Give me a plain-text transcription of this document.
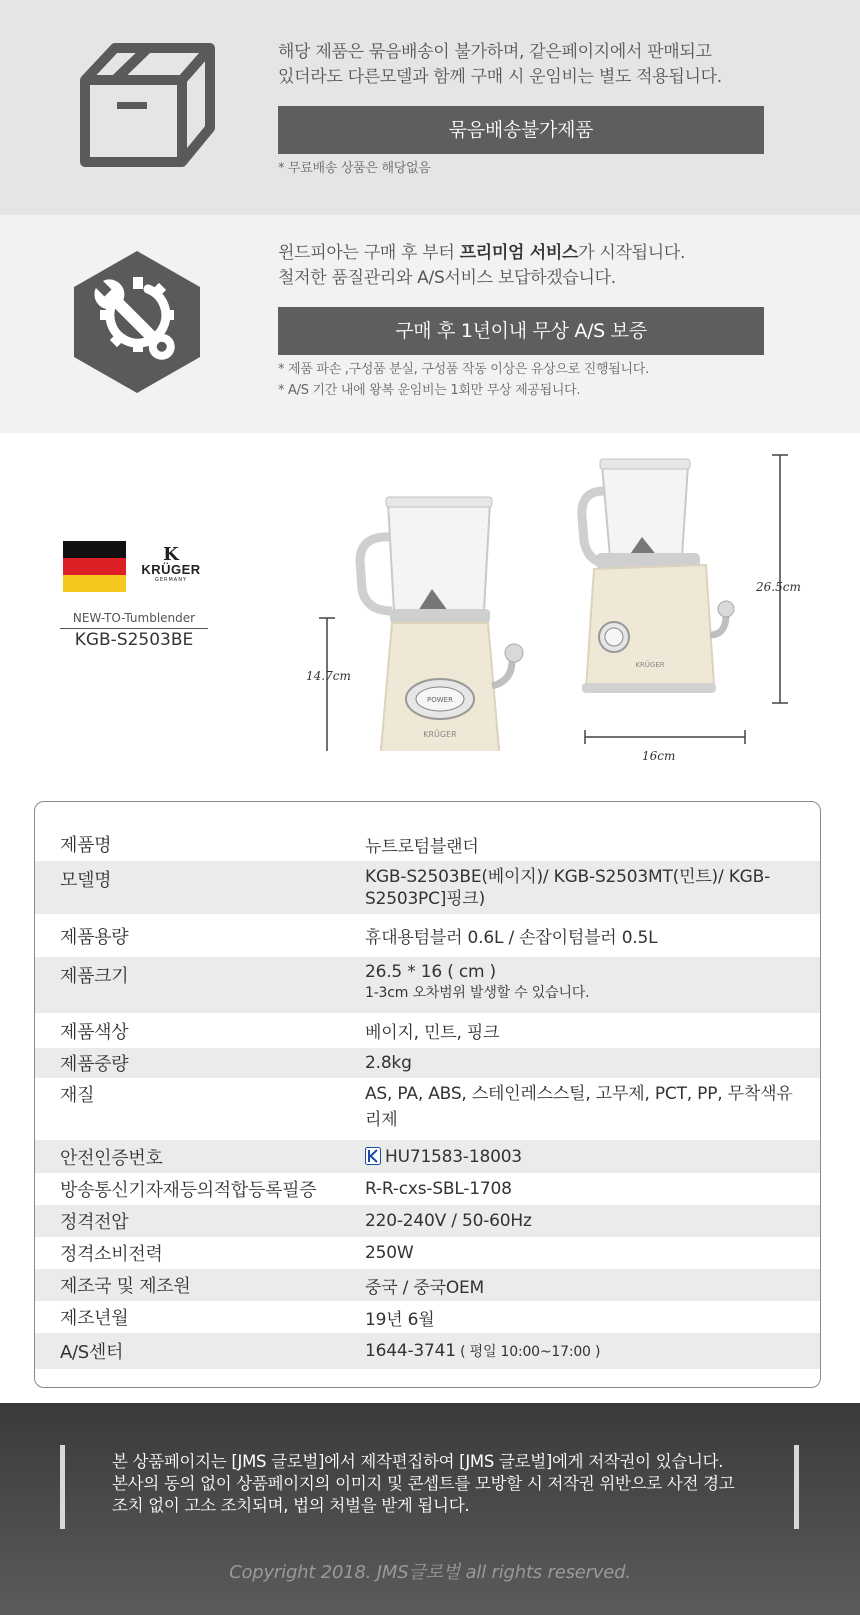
해당 제품은 묶음배송이 불가하며, 같은페이지에서 판매되고
있더라도 다른모델과 함께 구매 시 운임비는 별도 적용됩니다.
묶음배송불가제품
* 무료배송 상품은 해당없음
윈드피아는 구매 후 부터 프리미엄 서비스가 시작됩니다.
철저한 품질관리와 A/S서비스 보답하겠습니다.
구매 후 1년이내 무상 A/S 보증
* 제품 파손 ,구성품 분실, 구성품 작동 이상은 유상으로 진행됩니다.
* A/S 기간 내에 왕복 운임비는 1회만 무상 제공됩니다.
K
KRÜGER
GERMANY
NEW-TO-Tumblender
KGB-S2503BE
POWER
KRÜGER
14.7cm
KRÜGER
26.5cm
16cm
제품명	뉴트로텀블랜더
모델명	KGB-S2503BE(베이지)/ KGB-S2503MT(민트)/ KGB-S2503PC]핑크)
제품용량	휴대용텀블러 0.6L / 손잡이텀블러 0.5L
제품크기	26.5 * 16 ( cm )
1-3cm 오차범위 발생할 수 있습니다.
제품색상	베이지, 민트, 핑크
제품중량	2.8kg
재질	AS, PA, ABS, 스테인레스스틸, 고무제, PCT, PP, 무착색유리제
안전인증번호	HU71583-18003
방송통신기자재등의적합등록필증	R-R-cxs-SBL-1708
정격전압	220-240V / 50-60Hz
정격소비전력	250W
제조국 및 제조원	중국 / 중국OEM
제조년월	19년 6월
A/S센터	1644-3741 ( 평일 10:00~17:00 )
본 상품페이지는 [JMS 글로벌]에서 제작편집하여 [JMS 글로벌]에게 저작권이 있습니다.
본사의 동의 없이 상품페이지의 이미지 및 콘셉트를 모방할 시 저작권 위반으로 사전 경고
조치 없이 고소 조치되며, 법의 처벌을 받게 됩니다.
Copyright 2018. JMS글로벌 all rights reserved.
